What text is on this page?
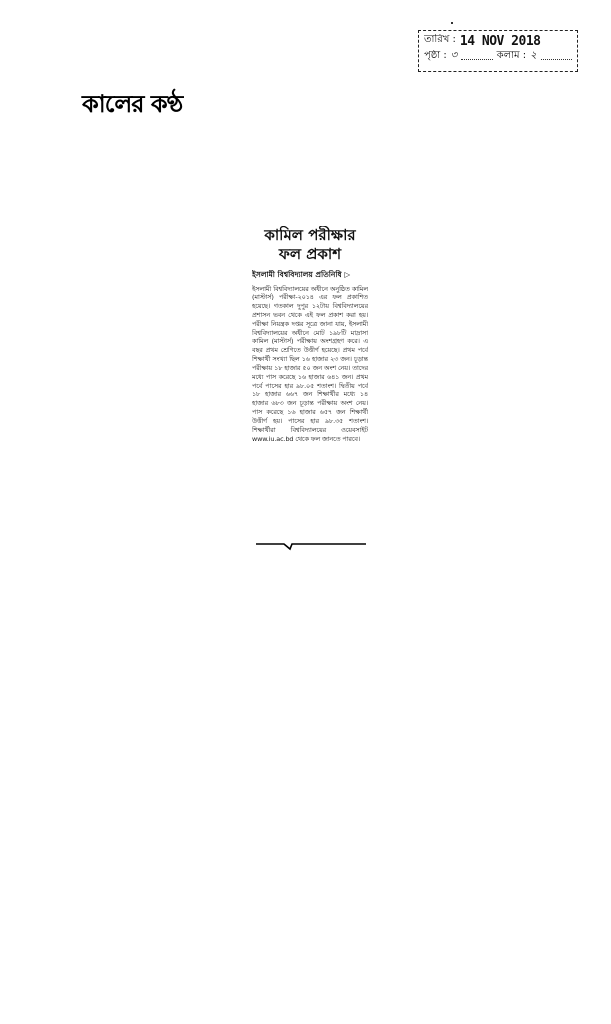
তারিখ : 14 NOV 2018
পৃষ্ঠা : ৩	কলাম : ২
কালের কণ্ঠ
কামিল পরীক্ষার
ফল প্রকাশ
ইসলামী বিশ্ববিদ্যালয় প্রতিনিধি ▷

ইসলামী বিশ্ববিদ্যালয়ের অধীনে অনুষ্ঠিত কামিল (মাস্টার্স) পরীক্ষা-২০১৪ এর ফল প্রকাশিত হয়েছে। গতকাল দুপুর ১২টায় বিশ্ববিদ্যালয়ের প্রশাসন ভবন থেকে এই ফল প্রকাশ করা হয়। পরীক্ষা নিয়ন্ত্রক দপ্তর সূত্রে জানা যায়, ইসলামী বিশ্ববিদ্যালয়ের অধীনে মোট ১৯৮টি মাদ্রাসা কামিল (মাস্টার্স) পরীক্ষায় অংশগ্রহণ করে। এ বছর প্রথম শ্রেণিতে উত্তীর্ণ হয়েছে। প্রথম পর্বে শিক্ষার্থী সংখ্যা ছিল ১৬ হাজার ২৩ জন। চূড়ান্ত পরীক্ষায় ১৮ হাজার ৫০ জন অংশ নেয়। তাদের মধ্যে পাস করেছে ১৬ হাজার ৬৪১ জন। প্রথম পর্বে পাসের হার ৯৮.০৫ শতাংশ। দ্বিতীয় পর্বে ১৮ হাজার ৬৬৭ জন শিক্ষার্থীর মধ্যে ১৪ হাজার ৬৮৩ জন চূড়ান্ত পরীক্ষায় অংশ নেয়। পাস করেছে ১৬ হাজার ৬৫৭ জন শিক্ষার্থী উত্তীর্ণ হয়। পাসের হার ৯৮.৩৫ শতাংশ। শিক্ষার্থীরা বিশ্ববিদ্যালয়ের ওয়েবসাইট www.iu.ac.bd থেকে ফল জানতে পারবে।
